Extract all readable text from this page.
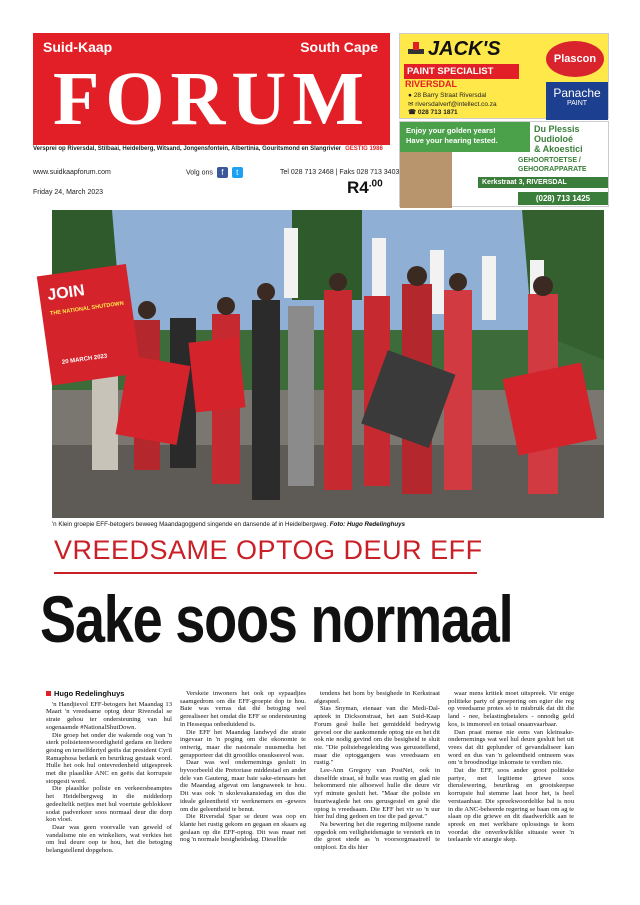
Suid-Kaap	South Cape
FORUM
Versprei op Riversdal, Stilbaai, Heidelberg, Witsand, Jongensfontein, Albertinia, Gouritsmond en Slangrivier GESTIG 1986
JACK'S
PAINT SPECIALIST
RIVERSDAL
● 28 Barry Straat Riversdal
✉ riversdalverf@intellect.co.za
☎ 028 713 1871
Plascon
Panache
PAINT
Enjoy your golden years!
Have your hearing tested.
Du Plessis
Oudioloé
& Akoestici
GEHOORTOETSE /
GEHOORAPPARATE
Kerkstraat 3, RIVERSDAL
(028) 713 1425
www.suidkaapforum.com	Volg ons f t	Tel 028 713 2468 | Faks 028 713 3403
Friday 24, March 2023	$R4^{.00}$
JOIN
THE NATIONAL SHUTDOWN
20 MARCH 2023
'n Klein groepie EFF-betogers beweeg Maandagoggend singende en dansende af in Heidelbergweg. Foto: Hugo Redelinghuys
VREEDSAME OPTOG DEUR EFF
Sake soos normaal
Hugo Redelinghuys

'n Handjievol EFF-betogers het Maandag 13 Maart 'n vreedsame optog deur Riversdal se strate gehou ter ondersteuning van hul sogenaamde #NationalShutDown.

Die groep het onder die wakende oog van 'n sterk polisieteenwoordigheid gedans en liedere gesing en terselfdertyd geëis dat president Cyril Ramaphosa bedank en beurtkrag gestaak word. Hulle het ook hul ontevredenheid uitgespreek met die plaaslike ANC en geëis dat korrupsie stopgesit word.

Die plaaslike polisie en verkeersbeamptes het Heidelbergweg in die middedorp gedeeltelik netjies met hul voertuie geblokkeer sodat padverkeer soos normaal deur die dorp kon vloei.

Daar was geen voorvalle van geweld of vandalisme nie en winkeliers, wat verkies het om hul deure oop te hou, het die betoging belangstellend dopgehou.

Verskeie inwoners het ook op sypaadjies saamgedrom om die EFF-groepie dop te hou. Baie was verras dat dié betoging wel gerealiseer het omdat die EFF se ondersteuning in Hessequa onbeduidend is.

Die EFF het Maandag landwyd die strate ingevaar in 'n poging om die ekonomie te ontwrig, maar die nasionale nuusmedia het gerapporteer dat dit grootliks onsuksesvol was.

Daar was wel ondernemings gesluit in byvoorbeeld die Pretoriase middestad en ander dele van Gauteng, maar baie sake-eienaars het die Maandag afgevat om langnaweek te hou. Dit was ook 'n skolevakansiedag en dus die ideale geleentheid vir werknemers en -gewers om die geleentheid te benut.

Die Riversdal Spar se deure was oop en klante het rustig gekom en gegaan en skaars ag geslaan op die EFF-optog. Dit was maar net nog 'n normale besigheidsdag. Dieselfde

tendens het hom by besighede in Kerkstraat afgespeel.

Sias Snyman, eienaar van die Medi-Dal-apteek in Dicksonstraat, het aan Suid-Kaap Forum gesê hulle het gemiddeld bedrywig gevoel oor die aankomende optog nie en het dit ook nie nodig gevind om die besigheid te sluit nie. "Die polisiebegeleiding was gerusstellend, maar die optoggangers was vreedsaam en rustig."

Lee-Ann Gregory van PostNet, ook in dieselfde straat, sê hulle was rustig en glad nie bekommerd nie alhoewel hulle die deure vir vyf minute gesluit het. "Maar die polisie en buurtwaglede het ons gerusgestel en gesê die optog is vreedsaam. Die EFF het vir so 'n uur hier hul ding gedoen en toe die pad gevat."

Na bewering het die regering miljoene rande opgedok om veiligheidsmagte te versterk en in die groot stede as 'n voorsorgmaatreël te ontplooi. En dis hier

waar mens kritiek moet uitspreek. Vir enige politieke party of groepering om egter die reg op vreedsame protes só te misbruik dat dit die land - nee, belastingbetalers - onnodig geld kos, is immoreel en totaal onaanvaarbaar.

Dan praat mense nie eens van kleinsake-ondernemings wat wel hul deure gesluit het uit vrees dat dit geplunder of gevandaliseer kan word en dus van 'n geleentheid ontneem was om 'n broodnodige inkomste te verdien nie.

Dat die EFF, soos ander groot politieke partye, met legitieme griewe soos dienslewering, beurtkrag en grootskeepse korrupsie hul stemme laat hoor het, is heel verstaanbaar. Die spreekwoordelike bal is nou in die ANC-beheerde regering se baan om ag te slaan op die griewe en dit daadwerklik aan te spreek en met werkbare oplossings te kom voordat die onverkwiklike situasie weer 'n teelaarde vir anargie skep.
